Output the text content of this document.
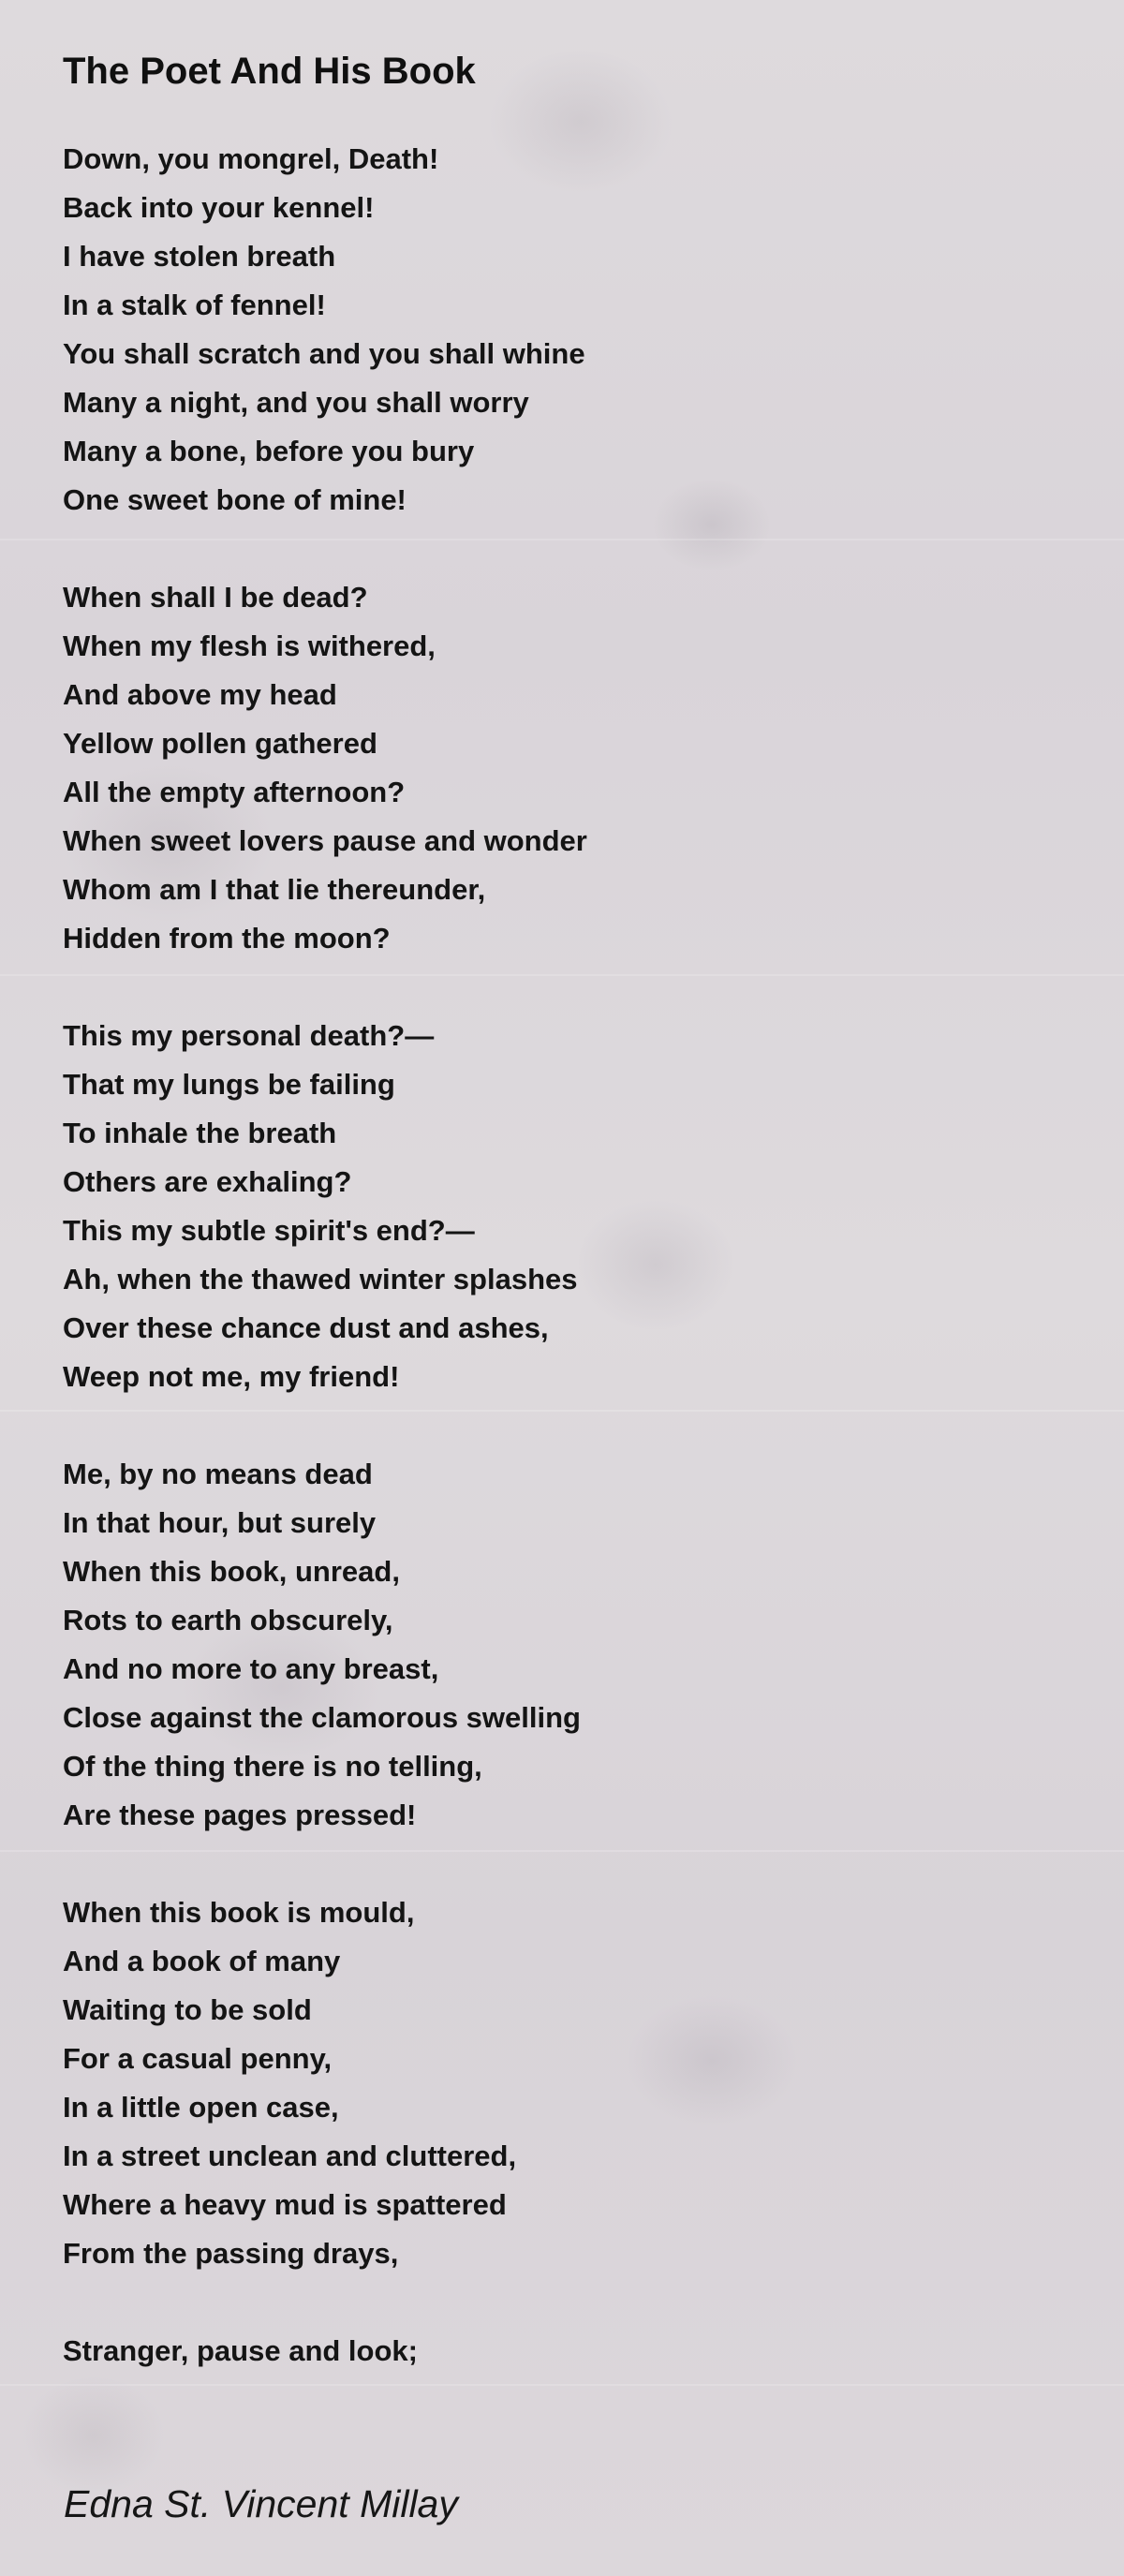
The Poet And His Book
Down, you mongrel, Death!
Back into your kennel!
I have stolen breath
In a stalk of fennel!
You shall scratch and you shall whine
Many a night, and you shall worry
Many a bone, before you bury
One sweet bone of mine!
When shall I be dead?
When my flesh is withered,
And above my head
Yellow pollen gathered
All the empty afternoon?
When sweet lovers pause and wonder
Whom am I that lie thereunder,
Hidden from the moon?
This my personal death?—
That my lungs be failing
To inhale the breath
Others are exhaling?
This my subtle spirit's end?—
Ah, when the thawed winter splashes
Over these chance dust and ashes,
Weep not me, my friend!
Me, by no means dead
In that hour, but surely
When this book, unread,
Rots to earth obscurely,
And no more to any breast,
Close against the clamorous swelling
Of the thing there is no telling,
Are these pages pressed!
When this book is mould,
And a book of many
Waiting to be sold
For a casual penny,
In a little open case,
In a street unclean and cluttered,
Where a heavy mud is spattered
From the passing drays,
Stranger, pause and look;
Edna St. Vincent Millay
